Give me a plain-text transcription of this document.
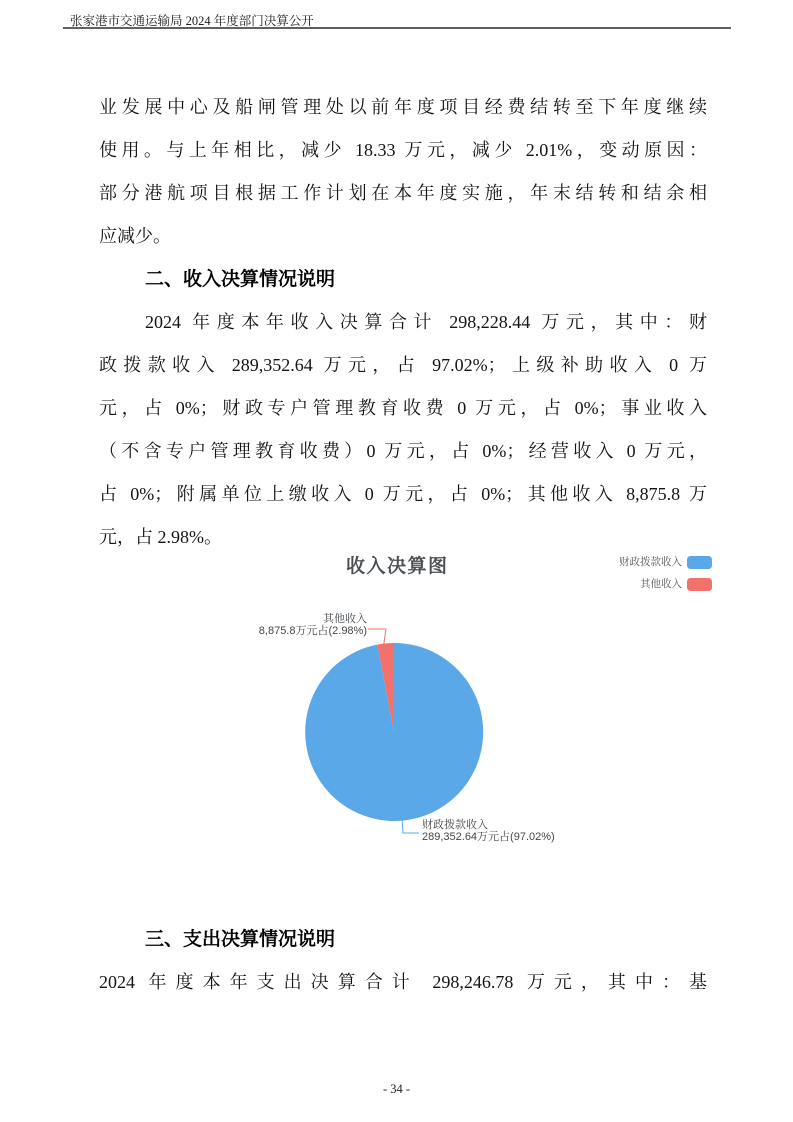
张家港市交通运输局 2024 年度部门决算公开
业发展中心及船闸管理处以前年度项目经费结转至下年度继续
使用。与上年相比，减少 18.33 万元，减少 2.01%，变动原因：
部分港航项目根据工作计划在本年度实施，年末结转和结余相
应减少。
二、收入决算情况说明
2024 年度本年收入决算合计 298,228.44 万元，其中：财
政拨款收入 289,352.64 万元，占 97.02%；上级补助收入 0 万
元，占 0%；财政专户管理教育收费 0 万元，占 0%；事业收入
（不含专户管理教育收费）0 万元，占 0%；经营收入 0 万元，
占 0%；附属单位上缴收入 0 万元，占 0%；其他收入 8,875.8 万
元，占 2.98%。
三、支出决算情况说明
2024 年度本年支出决算合计 298,246.78 万元，其中：基
收入决算图	财政拨款收入
其他收入
其他收入
8,875.8万元占(2.98%)
财政拨款收入
289,352.64万元占(97.02%)
- 34 -
